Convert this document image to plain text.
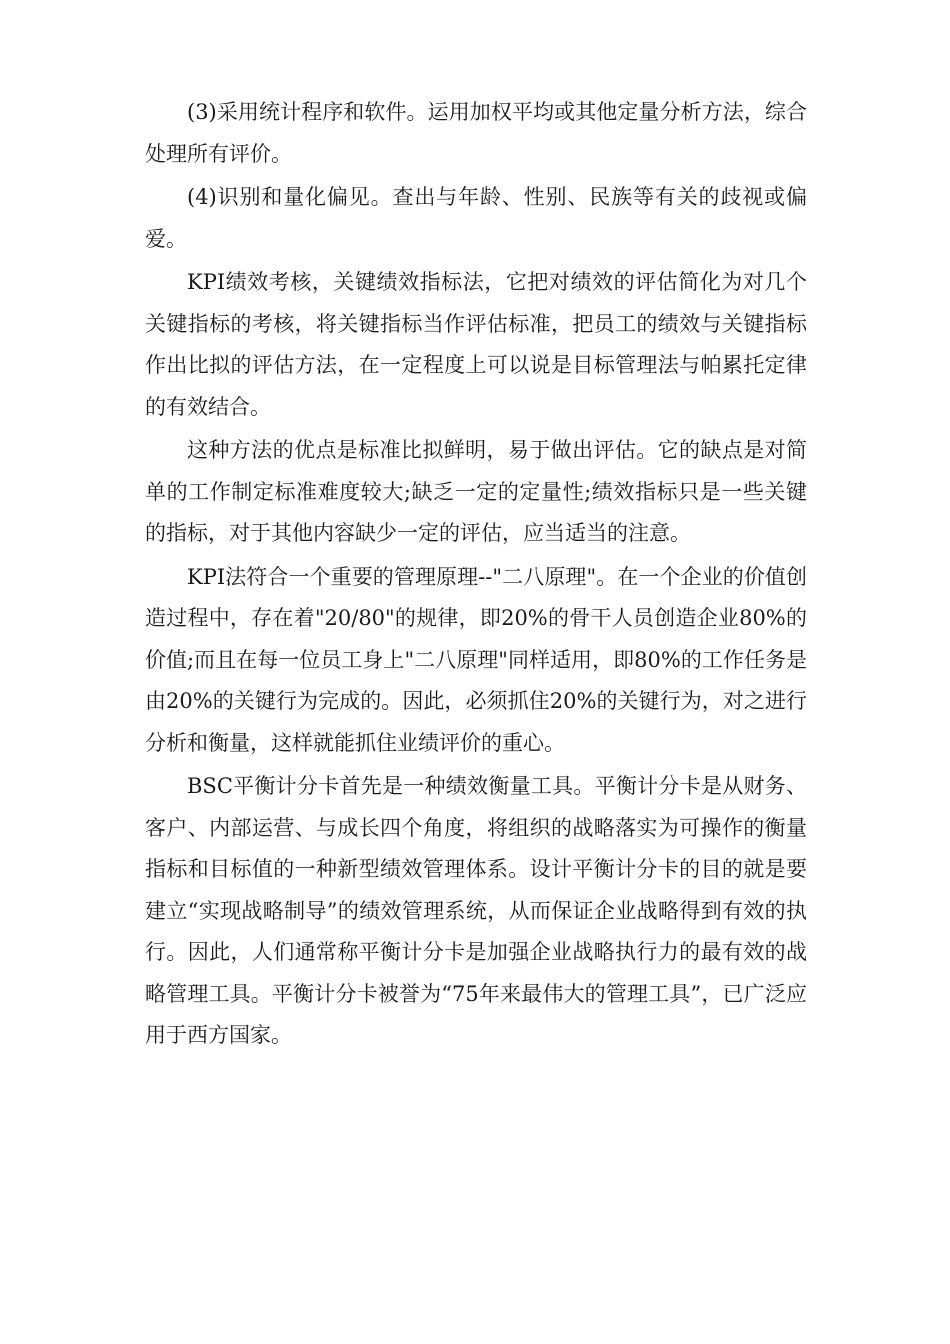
(3)采用统计程序和软件。运用加权平均或其他定量分析方法，综合处理所有评价。

(4)识别和量化偏见。查出与年龄、性别、民族等有关的歧视或偏爱。

KPI绩效考核，关键绩效指标法，它把对绩效的评估简化为对几个关键指标的考核，将关键指标当作评估标准，把员工的绩效与关键指标作出比拟的评估方法，在一定程度上可以说是目标管理法与帕累托定律的有效结合。

这种方法的优点是标准比拟鲜明，易于做出评估。它的缺点是对简单的工作制定标准难度较大;缺乏一定的定量性;绩效指标只是一些关键的指标，对于其他内容缺少一定的评估，应当适当的注意。

KPI法符合一个重要的管理原理--"二八原理"。在一个企业的价值创造过程中，存在着"20/80"的规律，即20%的骨干人员创造企业80%的价值;而且在每一位员工身上"二八原理"同样适用，即80%的工作任务是由20%的关键行为完成的。因此，必须抓住20%的关键行为，对之进行分析和衡量，这样就能抓住业绩评价的重心。

BSC平衡计分卡首先是一种绩效衡量工具。平衡计分卡是从财务、客户、内部运营、与成长四个角度，将组织的战略落实为可操作的衡量指标和目标值的一种新型绩效管理体系。设计平衡计分卡的目的就是要建立“实现战略制导”的绩效管理系统，从而保证企业战略得到有效的执行。因此，人们通常称平衡计分卡是加强企业战略执行力的最有效的战略管理工具。平衡计分卡被誉为“75年来最伟大的管理工具”，已广泛应用于西方国家。
